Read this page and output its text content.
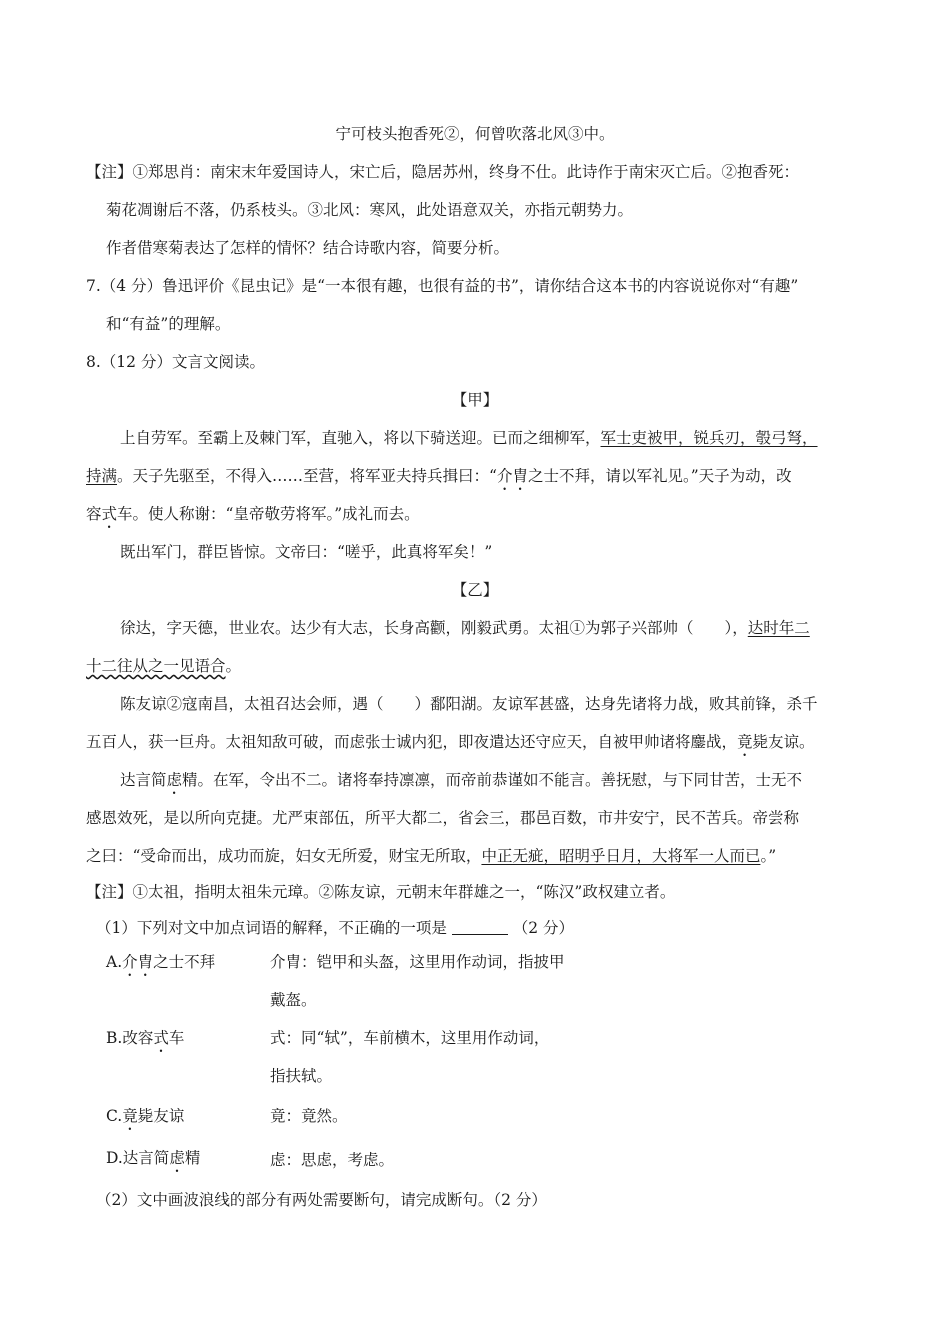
宁可枝头抱香死②，何曾吹落北风③中。
【注】①郑思肖：南宋末年爱国诗人，宋亡后，隐居苏州，终身不仕。此诗作于南宋灭亡后。②抱香死：
菊花凋谢后不落，仍系枝头。③北风：寒风，此处语意双关，亦指元朝势力。
作者借寒菊表达了怎样的情怀？结合诗歌内容，简要分析。
7.（4 分）鲁迅评价《昆虫记》是“一本很有趣，也很有益的书”，请你结合这本书的内容说说你对“有趣”
和“有益”的理解。
8.（12 分）文言文阅读。
【甲】
上自劳军。至霸上及棘门军，直驰入，将以下骑送迎。已而之细柳军，军士吏被甲，锐兵刃，彀弓弩，
持满。天子先驱至，不得入……至营，将军亚夫持兵揖曰：“介胄之士不拜，请以军礼见。”天子为动，改
容式车。使人称谢：“皇帝敬劳将军。”成礼而去。
既出军门，群臣皆惊。文帝曰：“嗟乎，此真将军矣！”
【乙】
徐达，字天德，世业农。达少有大志，长身高颧，刚毅武勇。太祖①为郭子兴部帅（　　），达时年二
十二往从之一见语合。
陈友谅②寇南昌，太祖召达会师，遇（　　）鄱阳湖。友谅军甚盛，达身先诸将力战，败其前锋，杀千
五百人，获一巨舟。太祖知敌可破，而虑张士诚内犯，即夜遣达还守应天，自被甲帅诸将鏖战，竟毙友谅。
达言简虑精。在军，令出不二。诸将奉持凛凛，而帝前恭谨如不能言。善抚慰，与下同甘苦，士无不
感恩效死，是以所向克捷。尤严束部伍，所平大都二，省会三，郡邑百数，市井安宁，民不苦兵。帝尝称
之曰：“受命而出，成功而旋，妇女无所爱，财宝无所取，中正无疵，昭明乎日月，大将军一人而已。”
【注】①太祖，指明太祖朱元璋。②陈友谅，元朝末年群雄之一，“陈汉”政权建立者。
（1）下列对文中加点词语的解释，不正确的一项是	（2 分）
A.介胄之士不拜	介胄：铠甲和头盔，这里用作动词，指披甲
戴盔。
B.改容式车	式：同“轼”，车前横木，这里用作动词，
指扶轼。
C.竟毙友谅	竟：竟然。
D.达言简虑精	虑：思虑，考虑。
（2）文中画波浪线的部分有两处需要断句，请完成断句。（2 分）
